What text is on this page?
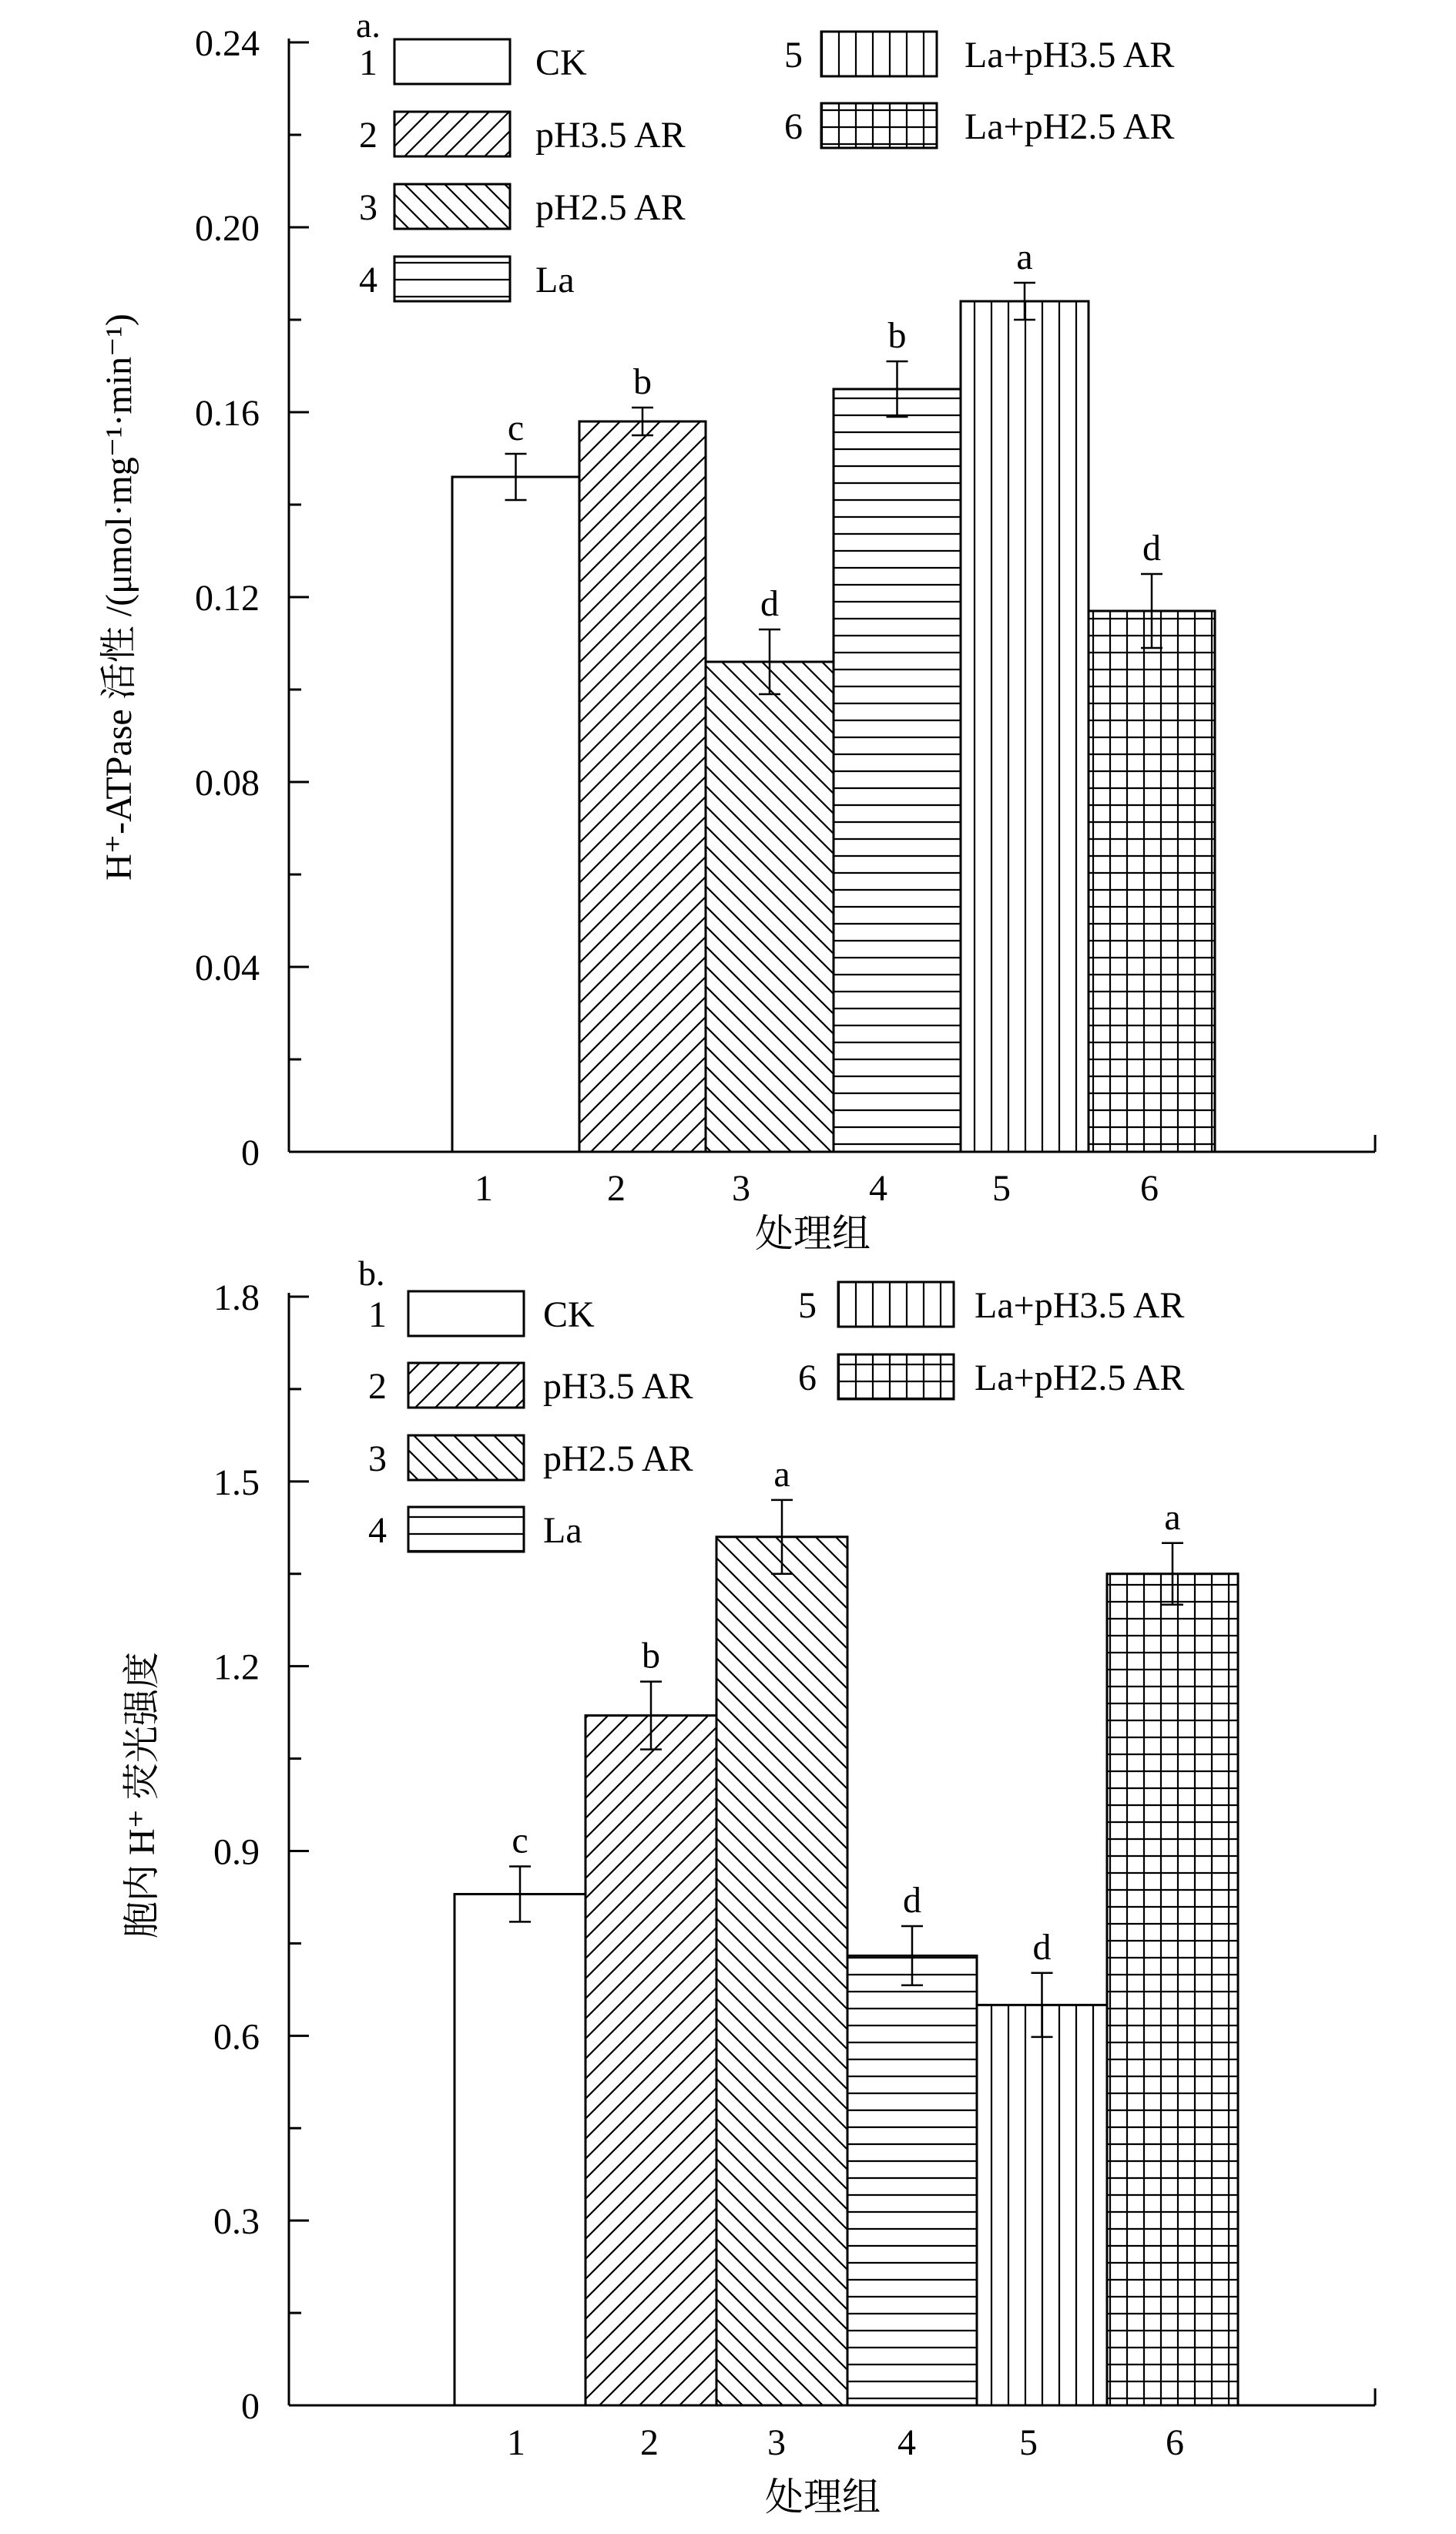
0
0.04
0.08
0.12
0.16
0.20
0.24
c
b
d
b
a
d
1	2	3	4	5	6
处理组
H⁺-ATPase 活性 /(μmol·mg⁻¹·min⁻¹)
a.
1	CK
2	pH3.5 AR
3	pH2.5 AR
4	La
5	La+pH3.5 AR
6	La+pH2.5 AR
0
0.3
0.6
0.9
1.2
1.5
1.8
c
b
a
d
d
a
1	2	3	4	5	6
处理组
胞内 H⁺ 荧光强度
b.
1	CK
2	pH3.5 AR
3	pH2.5 AR
4	La
5	La+pH3.5 AR
6	La+pH2.5 AR
